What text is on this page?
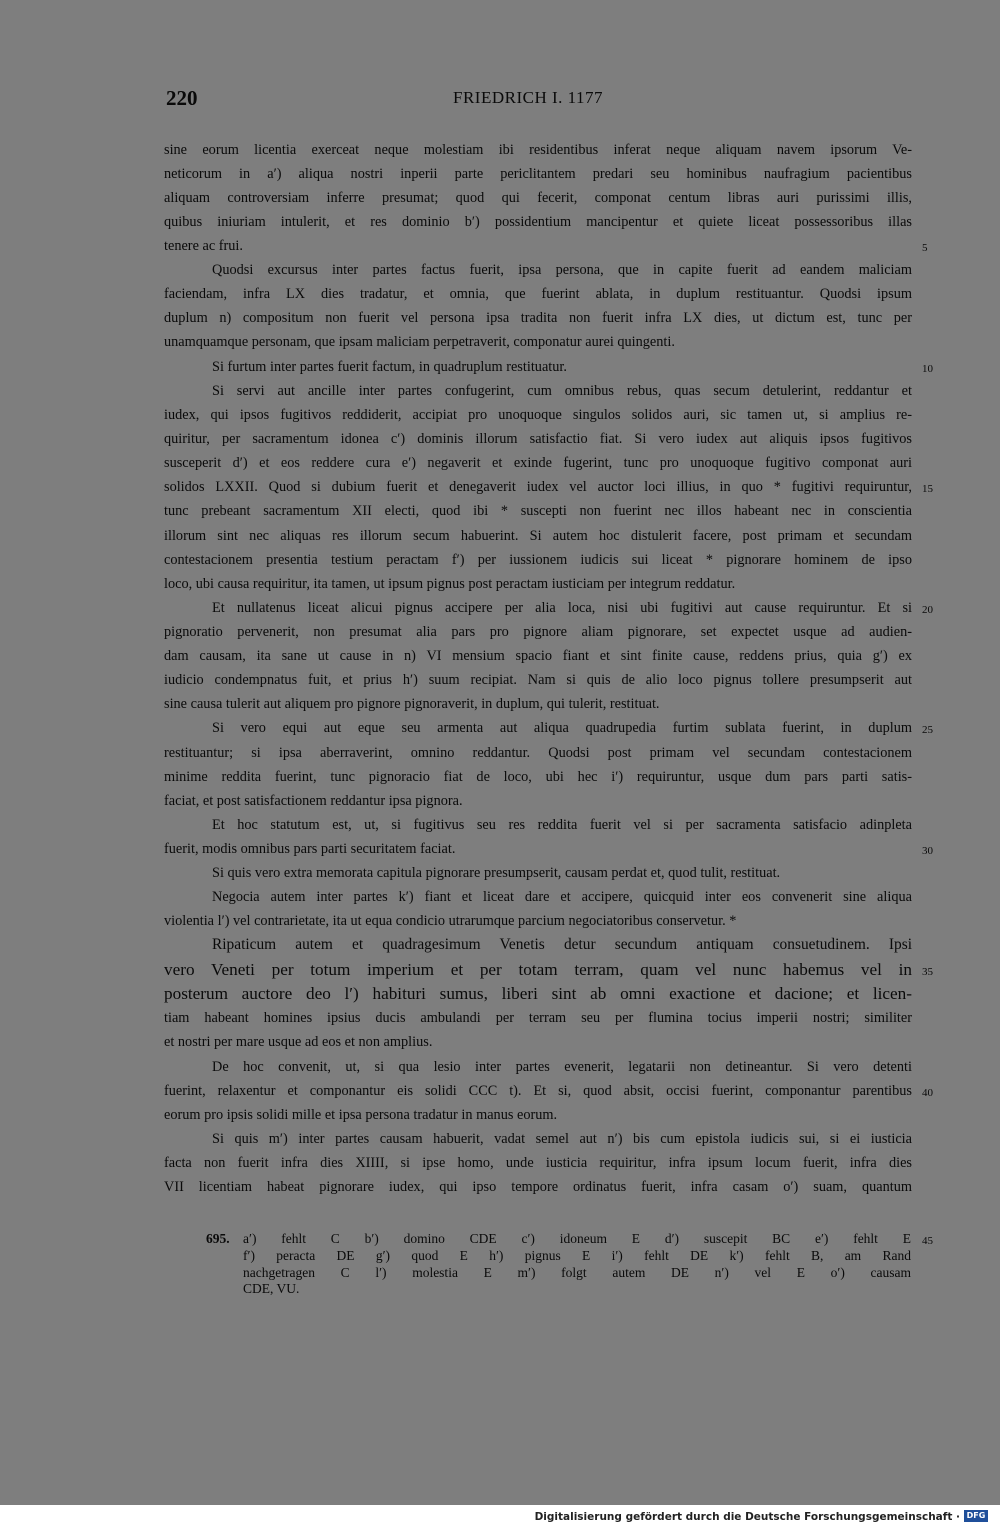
220	FRIEDRICH I. 1177
sine eorum licentia exerceat neque molestiam ibi residentibus inferat neque aliquam navem ipsorum Ve-
neticorum in a′) aliqua nostri inperii parte periclitantem predari seu hominibus naufragium pacientibus
aliquam controversiam inferre presumat; quod qui fecerit, componat centum libras auri purissimi illis,
quibus iniuriam intulerit, et res dominio b′) possidentium mancipentur et quiete liceat possessoribus illas
tenere ac frui.
Quodsi excursus inter partes factus fuerit, ipsa persona, que in capite fuerit ad eandem maliciam
faciendam, infra LX dies tradatur, et omnia, que fuerint ablata, in duplum restituantur. Quodsi ipsum
duplum n) compositum non fuerit vel persona ipsa tradita non fuerit infra LX dies, ut dictum est, tunc per
unamquamque personam, que ipsam maliciam perpetraverit, componatur aurei quingenti.
Si furtum inter partes fuerit factum, in quadruplum restituatur.
Si servi aut ancille inter partes confugerint, cum omnibus rebus, quas secum detulerint, reddantur et
iudex, qui ipsos fugitivos reddiderit, accipiat pro unoquoque singulos solidos auri, sic tamen ut, si amplius re-
quiritur, per sacramentum idonea c′) dominis illorum satisfactio fiat. Si vero iudex aut aliquis ipsos fugitivos
susceperit d′) et eos reddere cura e′) negaverit et exinde fugerint, tunc pro unoquoque fugitivo componat auri
solidos LXXII. Quod si dubium fuerit et denegaverit iudex vel auctor loci illius, in quo * fugitivi requiruntur,
tunc prebeant sacramentum XII electi, quod ibi * suscepti non fuerint nec illos habeant nec in conscientia
illorum sint nec aliquas res illorum secum habuerint. Si autem hoc distulerit facere, post primam et secundam
contestacionem presentia testium peractam f′) per iussionem iudicis sui liceat * pignorare hominem de ipso
loco, ubi causa requiritur, ita tamen, ut ipsum pignus post peractam iusticiam per integrum reddatur.
Et nullatenus liceat alicui pignus accipere per alia loca, nisi ubi fugitivi aut cause requiruntur. Et si
pignoratio pervenerit, non presumat alia pars pro pignore aliam pignorare, set expectet usque ad audien-
dam causam, ita sane ut cause in n) VI mensium spacio fiant et sint finite cause, reddens prius, quia g′) ex
iudicio condempnatus fuit, et prius h′) suum recipiat. Nam si quis de alio loco pignus tollere presumpserit aut
sine causa tulerit aut aliquem pro pignore pignoraverit, in duplum, qui tulerit, restituat.
Si vero equi aut eque seu armenta aut aliqua quadrupedia furtim sublata fuerint, in duplum
restituantur; si ipsa aberraverint, omnino reddantur. Quodsi post primam vel secundam contestacionem
minime reddita fuerint, tunc pignoracio fiat de loco, ubi hec i′) requiruntur, usque dum pars parti satis-
faciat, et post satisfactionem reddantur ipsa pignora.
Et hoc statutum est, ut, si fugitivus seu res reddita fuerit vel si per sacramenta satisfacio adinpleta
fuerit, modis omnibus pars parti securitatem faciat.
Si quis vero extra memorata capitula pignorare presumpserit, causam perdat et, quod tulit, restituat.
Negocia autem inter partes k′) fiant et liceat dare et accipere, quicquid inter eos convenerit sine aliqua
violentia l′) vel contrarietate, ita ut equa condicio utrarumque parcium negociatoribus conservetur. *
Ripaticum autem et quadragesimum Venetis detur secundum antiquam consuetudinem. Ipsi
vero Veneti per totum imperium et per totam terram, quam vel nunc habemus vel in
posterum auctore deo l′) habituri sumus, liberi sint ab omni exactione et dacione; et licen-
tiam habeant homines ipsius ducis ambulandi per terram seu per flumina tocius imperii nostri; similiter
et nostri per mare usque ad eos et non amplius.
De hoc convenit, ut, si qua lesio inter partes evenerit, legatarii non detineantur. Si vero detenti
fuerint, relaxentur et componantur eis solidi CCC t). Et si, quod absit, occisi fuerint, componantur parentibus
eorum pro ipsis solidi mille et ipsa persona tradatur in manus eorum.
Si quis m′) inter partes causam habuerit, vadat semel aut n′) bis cum epistola iudicis sui, si ei iusticia
facta non fuerit infra dies XIIII, si ipse homo, unde iusticia requiritur, infra ipsum locum fuerit, infra dies
VII licentiam habeat pignorare iudex, qui ipso tempore ordinatus fuerit, infra casam o′) suam, quantum
5
10
15
20
25
30
35
40
45
695. a′) fehlt C b′) domino CDE c′) idoneum E d′) suscepit BC e′) fehlt E
f′) peracta DE g′) quod E h′) pignus E i′) fehlt DE k′) fehlt B, am Rand
nachgetragen C l′) molestia E m′) folgt autem DE n′) vel E o′) causam
CDE, VU.
Digitalisierung gefördert durch die Deutsche Forschungsgemeinschaft · DFG
